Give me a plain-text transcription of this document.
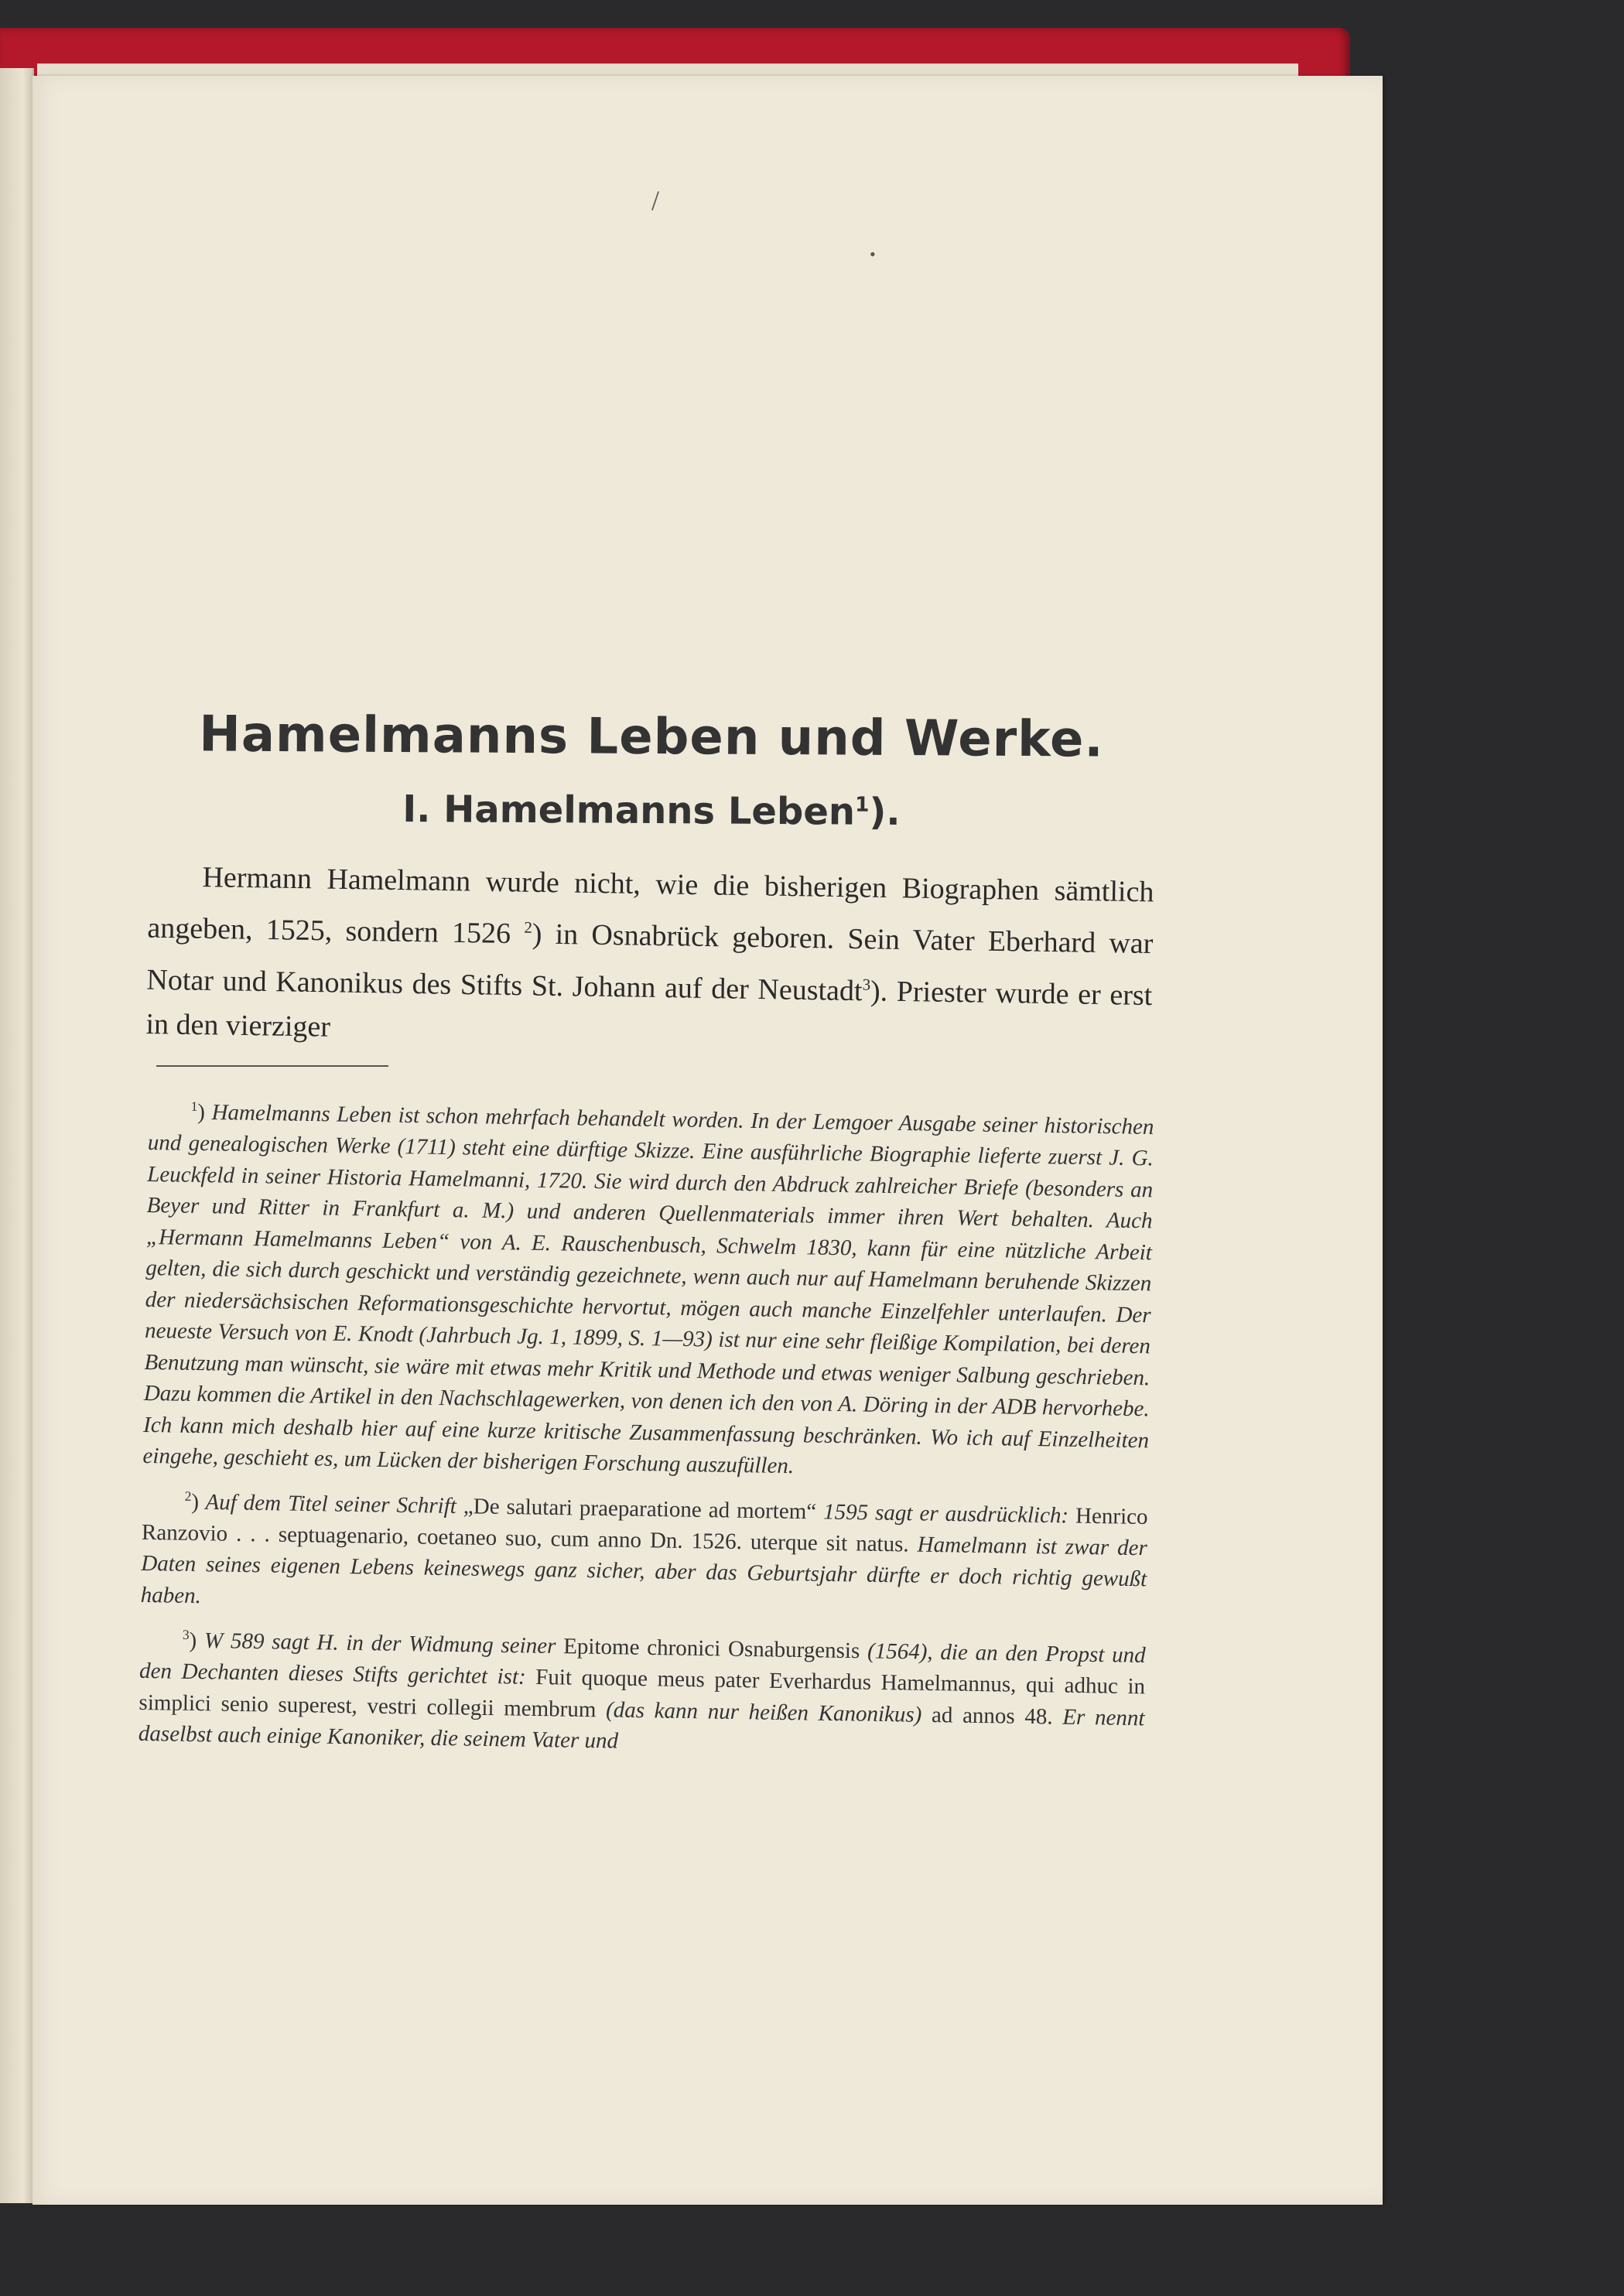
/
•
Hamelmanns Leben und Werke.
I. Hamelmanns Leben$^1$).

Hermann Hamelmann wurde nicht, wie die bisherigen Biographen sämtlich angeben, 1525, sondern 1526 $^2$) in Osnabrück geboren. Sein Vater Eberhard war Notar und Kanonikus des Stifts St. Johann auf der Neustadt$^3$). Priester wurde er erst in den vierziger

$^1$) Hamelmanns Leben ist schon mehrfach behandelt worden. In der Lemgoer Ausgabe seiner historischen und genealogischen Werke (1711) steht eine dürftige Skizze. Eine ausführliche Biographie lieferte zuerst J. G. Leuckfeld in seiner Historia Hamelmanni, 1720. Sie wird durch den Abdruck zahlreicher Briefe (besonders an Beyer und Ritter in Frankfurt a. M.) und anderen Quellenmaterials immer ihren Wert behalten. Auch „Hermann Hamelmanns Leben“ von A. E. Rauschenbusch, Schwelm 1830, kann für eine nützliche Arbeit gelten, die sich durch geschickt und verständig gezeichnete, wenn auch nur auf Hamelmann beruhende Skizzen der niedersächsischen Reformationsgeschichte hervortut, mögen auch manche Einzelfehler unterlaufen. Der neueste Versuch von E. Knodt (Jahrbuch Jg. 1, 1899, S. 1—93) ist nur eine sehr fleißige Kompilation, bei deren Benutzung man wünscht, sie wäre mit etwas mehr Kritik und Methode und etwas weniger Salbung geschrieben. Dazu kommen die Artikel in den Nachschlagewerken, von denen ich den von A. Döring in der ADB hervorhebe. Ich kann mich deshalb hier auf eine kurze kritische Zusammenfassung beschränken. Wo ich auf Einzelheiten eingehe, geschieht es, um Lücken der bisherigen Forschung auszufüllen.

$^2$) Auf dem Titel seiner Schrift „De salutari praeparatione ad mortem“ 1595 sagt er ausdrücklich: Henrico Ranzovio . . . septuagenario, coetaneo suo, cum anno Dn. 1526. uterque sit natus. Hamelmann ist zwar der Daten seines eigenen Lebens keineswegs ganz sicher, aber das Geburtsjahr dürfte er doch richtig gewußt haben.

$^3$) W 589 sagt H. in der Widmung seiner Epitome chronici Osnaburgensis (1564), die an den Propst und den Dechanten dieses Stifts gerichtet ist: Fuit quoque meus pater Everhardus Hamelmannus, qui adhuc in simplici senio superest, vestri collegii membrum (das kann nur heißen Kanonikus) ad annos 48. Er nennt daselbst auch einige Kanoniker, die seinem Vater und
